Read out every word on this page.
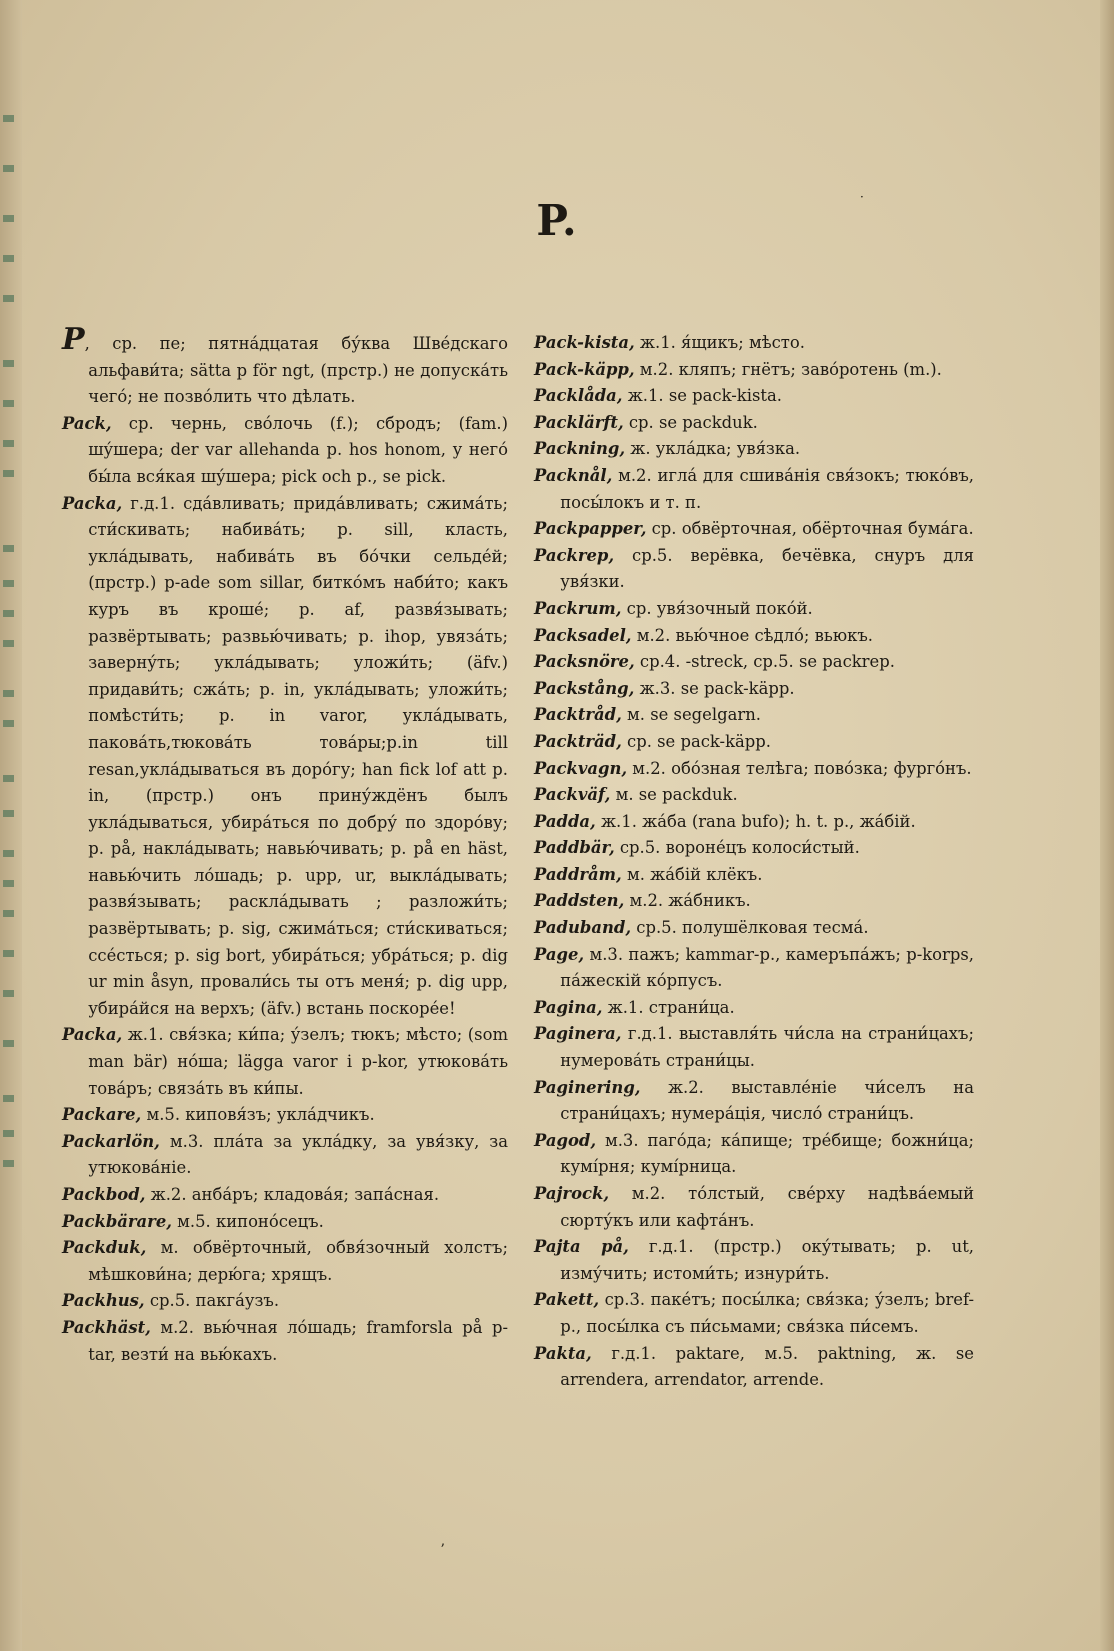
·
P.
P, ср. пе; пятна́дцатая бу́ква Шве́дскаго альфави́та; sätta p för ngt, (прстр.) не допуска́ть чего́; не позво́лить что дѣлать.
Pack, ср. чернь, сво́лочь (f.); сбродъ; (fam.) шу́шера; der var allehanda p. hos honom, у него́ бы́ла вся́кая шу́шера; pick och p., se pick.
Packa, г.д.1. сда́вливать; прида́вливать; сжима́ть; сти́скивать; набива́ть; p. sill, класть, укла́дывать, набива́ть въ бо́чки сельде́й; (прстр.) p-ade som sillar, битко́мъ наби́то; какъ куръ въ кроше́; p. af, развя́зывать; развёртывать; развью́чивать; p. ihop, увяза́ть; заверну́ть; укла́дывать; уложи́ть; (äfv.) придави́ть; сжа́ть; p. in, укла́дывать; уложи́ть; помѣсти́ть; p. in varor, укла́дывать, пакова́ть,тюкова́ть това́ры;p.in till resan,укла́дываться въ доро́гу; han fick lof att p. in, (прстр.) онъ прину́ждёнъ былъ укла́дываться, убира́ться по добру́ по здоро́ву; p. på, накла́дывать; навью́чивать; p. på en häst, навью́чить ло́шадь; p. upp, ur, выкла́дывать; развя́зывать; раскла́дывать ; разложи́ть; развёртывать; p. sig, сжима́ться; сти́скиваться; ссе́сться; p. sig bort, убира́ться; убра́ться; p. dig ur min åsyn, провали́сь ты отъ меня́; p. dig upp, убира́йся на верхъ; (äfv.) встань поскоре́е!
Packa, ж.1. свя́зка; ки́па; у́зелъ; тюкъ; мѣсто; (som man bär) но́ша; lägga varor i p-kor, утюкова́ть това́ръ; связа́ть въ ки́пы.
Packare, м.5. киповя́зъ; укла́дчикъ.
Packarlön, м.3. пла́та за укла́дку, за увя́зку, за утюкова́ніе.
Packbod, ж.2. анба́ръ; кладова́я; запа́сная.
Packbärare, м.5. кипоно́сецъ.
Packduk, м. обвёрточный, обвя́зочный холстъ; мѣшкови́на; дерю́га; хрящъ.
Packhus, ср.5. пакга́узъ.
Packhäst, м.2. вью́чная ло́шадь; framforsla på p-tar, везти́ на вью́кахъ.
Pack-kista, ж.1. я́щикъ; мѣсто.
Pack-käpp, м.2. кляпъ; гнётъ; заво́ротень (m.).
Packlåda, ж.1. se pack-kista.
Packlärft, ср. se packduk.
Packning, ж. укла́дка; увя́зка.
Packnål, м.2. игла́ для сшива́нія свя́зокъ; тюко́въ, посы́локъ и т. п.
Packpapper, ср. обвёрточная, обёрточная бума́га.
Packrep, ср.5. верёвка, бечёвка, снуръ для увя́зки.
Packrum, ср. увя́зочный поко́й.
Packsadel, м.2. вью́чное сѣдло́; вьюкъ.
Packsnöre, ср.4. -streck, ср.5. se packrep.
Packstång, ж.3. se pack-käpp.
Packtråd, м. se segelgarn.
Packträd, ср. se pack-käpp.
Packvagn, м.2. обо́зная телѣга; пово́зка; фурго́нъ.
Packväf, м. se packduk.
Padda, ж.1. жа́ба (rana bufo); h. t. p., жа́бій.
Paddbär, ср.5. вороне́цъ колоси́стый.
Paddråm, м. жа́бій клёкъ.
Paddsten, м.2. жа́бникъ.
Paduband, ср.5. полушёлковая тесма́.
Page, м.3. пажъ; kammar-p., камеръпа́жъ; p-korps, па́жескій ко́рпусъ.
Pagina, ж.1. страни́ца.
Paginera, г.д.1. выставля́ть чи́сла на страни́цахъ; нумерова́ть страни́цы.
Paginering, ж.2. выставле́ніе чи́селъ на страни́цахъ; нумера́ція, число́ страни́цъ.
Pagod, м.3. паго́да; ка́пище; тре́бище; божни́ца; кумі́рня; кумі́рница.
Pajrock, м.2. то́лстый, све́рху надѣва́емый сюрту́къ или кафта́нъ.
Pajta på, г.д.1. (прстр.) оку́тывать; p. ut, изму́чить; истоми́ть; изнури́ть.
Pakett, ср.3. паке́тъ; посы́лка; свя́зка; у́зелъ; bref-p., посы́лка съ пи́сьмами; свя́зка пи́семъ.
Pakta, г.д.1. paktare, м.5. paktning, ж. se arrendera, arrendator, arrende.
ʼ
